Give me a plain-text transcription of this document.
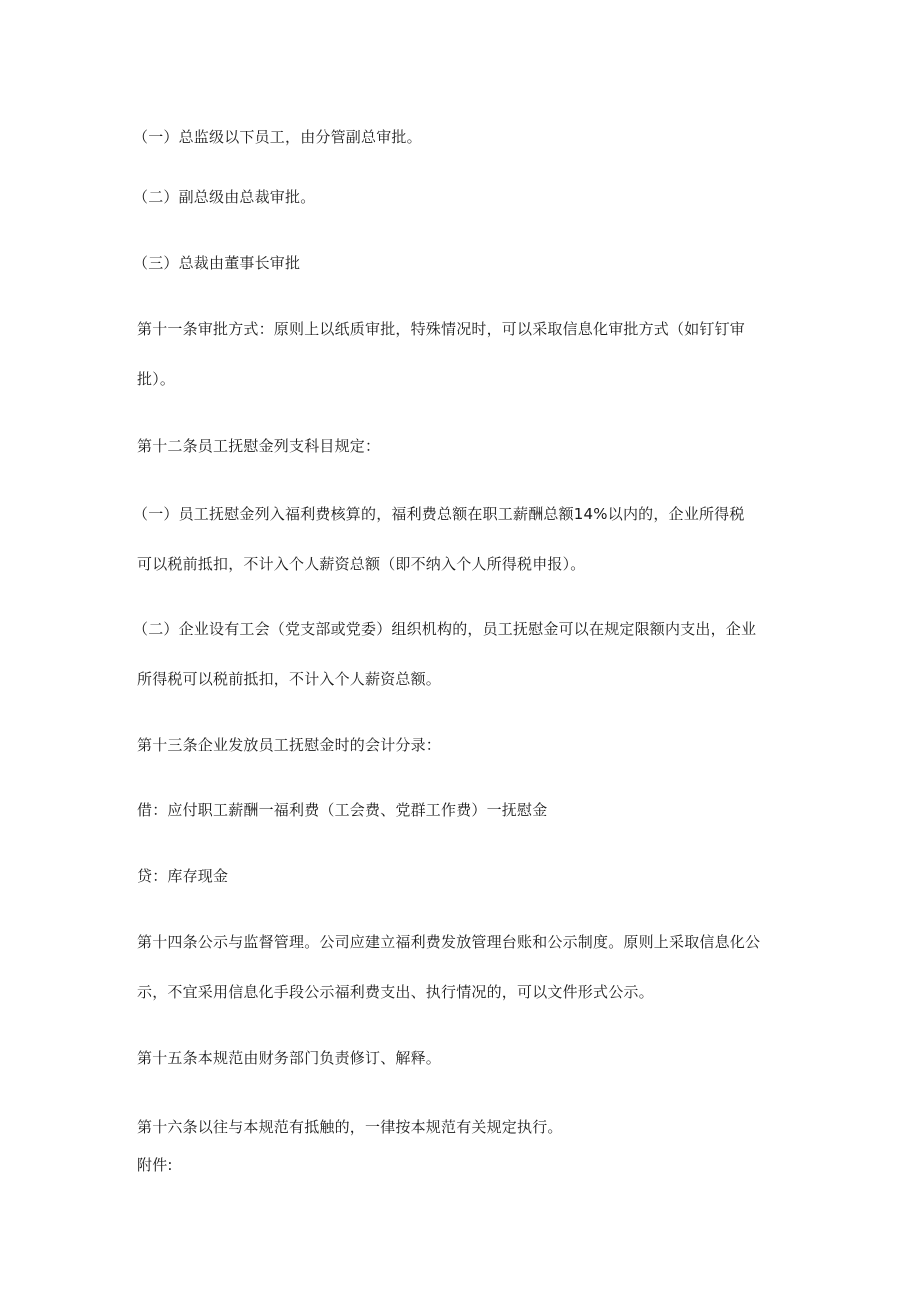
（一）总监级以下员工，由分管副总审批。
（二）副总级由总裁审批。
（三）总裁由董事长审批
第十一条审批方式：原则上以纸质审批，特殊情况时，可以采取信息化审批方式（如钉钉审
批）。
第十二条员工抚慰金列支科目规定：
（一）员工抚慰金列入福利费核算的，福利费总额在职工薪酬总额14%以内的，企业所得税
可以税前抵扣，不计入个人薪资总额（即不纳入个人所得税申报）。
（二）企业设有工会（党支部或党委）组织机构的，员工抚慰金可以在规定限额内支出，企业
所得税可以税前抵扣，不计入个人薪资总额。
第十三条企业发放员工抚慰金时的会计分录：
借：应付职工薪酬一福利费（工会费、党群工作费）一抚慰金
贷：库存现金
第十四条公示与监督管理。公司应建立福利费发放管理台账和公示制度。原则上采取信息化公
示，不宜采用信息化手段公示福利费支出、执行情况的，可以文件形式公示。
第十五条本规范由财务部门负责修订、解释。
第十六条以往与本规范有抵触的，一律按本规范有关规定执行。
附件:
